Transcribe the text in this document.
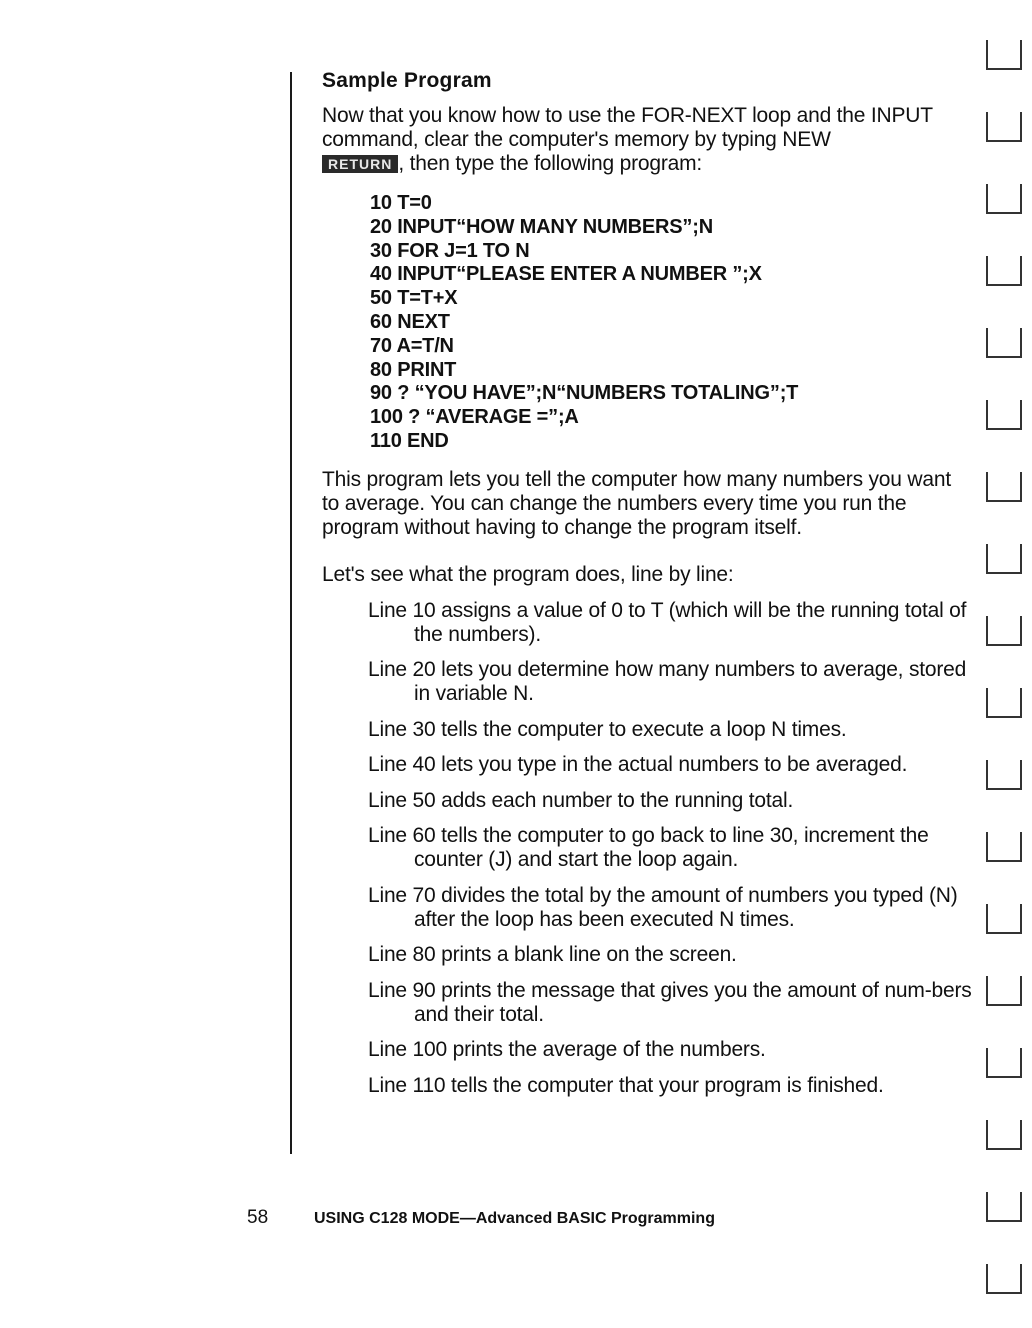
Sample Program
Now that you know how to use the FOR-NEXT loop and the INPUT
command, clear the computer's memory by typing NEW
RETURN , then type the following program:
10 T=0
20 INPUT“HOW MANY NUMBERS”;N
30 FOR J=1 TO N
40 INPUT“PLEASE ENTER A NUMBER ”;X
50 T=T+X
60 NEXT
70 A=T/N
80 PRINT
90 ? “YOU HAVE”;N“NUMBERS TOTALING”;T
100 ? “AVERAGE =”;A
110 END
This program lets you tell the computer how many numbers you want
to average. You can change the numbers every time you run the
program without having to change the program itself.
Let's see what the program does, line by line:
Line 10 assigns a value of 0 to T (which will be the running total of the numbers).
Line 20 lets you determine how many numbers to average, stored in variable N.
Line 30 tells the computer to execute a loop N times.
Line 40 lets you type in the actual numbers to be averaged.
Line 50 adds each number to the running total.
Line 60 tells the computer to go back to line 30, increment the counter (J) and start the loop again.
Line 70 divides the total by the amount of numbers you typed (N) after the loop has been executed N times.
Line 80 prints a blank line on the screen.
Line 90 prints the message that gives you the amount of num-bers and their total.
Line 100 prints the average of the numbers.
Line 110 tells the computer that your program is finished.
58	USING C128 MODE—Advanced BASIC Programming
